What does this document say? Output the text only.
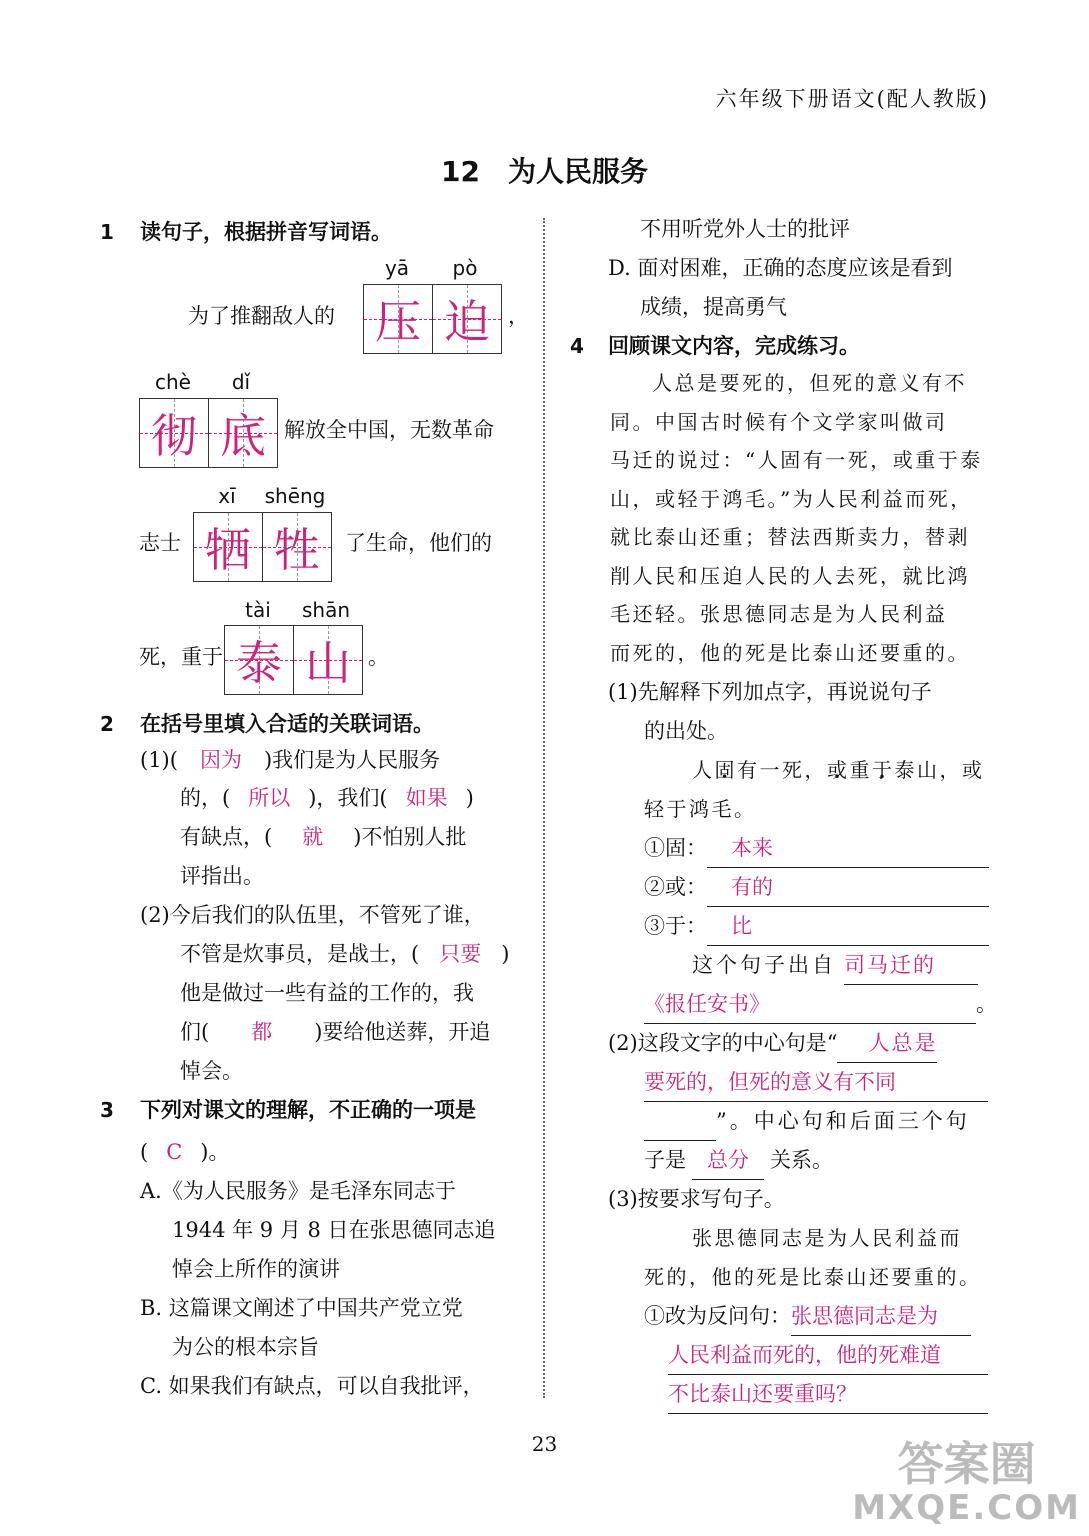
六年级下册语文(配人教版)
12 为人民服务
1 读句子，根据拼音写词语。
为了推翻敌人的
yā	pò
压 迫 ，
chè	dǐ
彻 底 解放全中国，无数革命
志士
xī	shēng
牺 牲 了生命，他们的
死，重于
tài	shān
泰 山 。
2 在括号里填入合适的关联词语。
(1)( 因为 )我们是为人民服务
的，( 所以 )，我们( 如果 )
有缺点，( 就 )不怕别人批
评指出。
(2)今后我们的队伍里，不管死了谁，
不管是炊事员，是战士，( 只要 )
他是做过一些有益的工作的，我
们( 都 )要给他送葬，开追
悼会。
3 下列对课文的理解，不正确的一项是
( C )。
A.《为人民服务》是毛泽东同志于
1944 年 9 月 8 日在张思德同志追
悼会上所作的演讲
B. 这篇课文阐述了中国共产党立党
为公的根本宗旨
C. 如果我们有缺点，可以自我批评，
不用听党外人士的批评
D. 面对困难，正确的态度应该是看到
成绩，提高勇气
4 回顾课文内容，完成练习。
人总是要死的，但死的意义有不
同。中国古时候有个文学家叫做司
马迁的说过：“人固有一死，或重于泰
山，或轻于鸿毛。”为人民利益而死，
就比泰山还重；替法西斯卖力，替剥
削人民和压迫人民的人去死，就比鸿
毛还轻。张思德同志是为人民利益
而死的，他的死是比泰山还要重的。
(1)先解释下列加点字，再说说句子
的出处。
人固有一死，或重于泰山，或
轻于鸿毛。
①固： 本来
②或： 有的
③于： 比
这个句子出自 司马迁的
《报任安书》	。
(2)这段文字的中心句是“ 人总是
要死的，但死的意义有不同
”。中心句和后面三个句
子是 总分 关系。
(3)按要求写句子。
张思德同志是为人民利益而
死的，他的死是比泰山还要重的。
①改为反问句：张思德同志是为
人民利益而死的，他的死难道
不比泰山还要重吗？
23	答案圈
MXQE.COM
